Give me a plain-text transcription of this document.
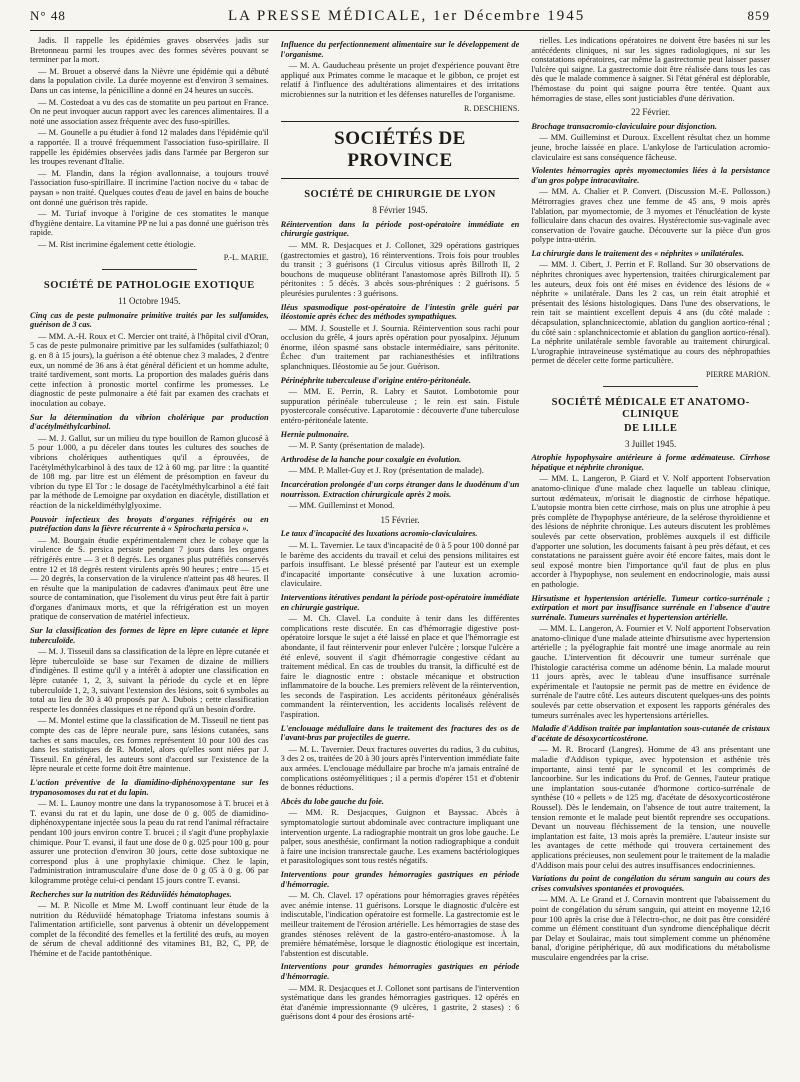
N° 48	LA PRESSE MÉDICALE, 1er Décembre 1945	859

Jadis. Il rappelle les épidémies graves observées jadis sur Bretonneau parmi les troupes avec des formes sévères pouvant se terminer par la mort.

— M. Brouet a observé dans la Nièvre une épidémie qui a débuté dans la population civile. La durée moyenne est d'environ 3 semaines. Dans un cas intense, la pénicilline a donné en 24 heures un succès.

— M. Costedoat a vu des cas de stomatite un peu partout en France. On ne peut invoquer aucun rapport avec les carences alimentaires. Il a noté une association assez fréquente avec des fuso-spirilles.

— M. Gounelle a pu étudier à fond 12 malades dans l'épidémie qu'il a rapportée. Il a trouvé fréquemment l'association fuso-spirillaire. Il rappelle les épidémies observées jadis dans l'armée par Bergeron sur les troupes revenant d'Italie.

— M. Flandin, dans la région avallonnaise, a toujours trouvé l'association fuso-spirillaire. Il incrimine l'action nocive du « tabac de paysan » non traité. Quelques coutes d'eau de javel en bains de bouche ont donné une guérison très rapide.

— M. Turiaf invoque à l'origine de ces stomatites le manque d'hygiène dentaire. La vitamine PP ne lui a pas donné une guérison très rapide.

— M. Rist incrimine également cette étiologie.

P.-L. MARIE.
SOCIÉTÉ DE PATHOLOGIE EXOTIQUE
11 Octobre 1945.

Cinq cas de peste pulmonaire primitive traités par les sulfamides, guérison de 3 cas.

— MM. A.-H. Roux et C. Mercier ont traité, à l'hôpital civil d'Oran, 5 cas de peste pulmonaire primitive par les sulfamides (sulfathiazol; 0 g. en 8 à 15 jours), la guérison a été obtenue chez 3 malades, 2 d'entre eux, un nommé de 36 ans à état général déficient et un homme adulte, traité tardivement, sont morts. La proportion des malades guéris dans cette infection à pronostic mortel confirme les promesses. Le diagnostic de peste pulmonaire a été fait par examen des crachats et inoculation au cobaye.

Sur la détermination du vibrion cholérique par production d'acétylméthylcarbinol.

— M. J. Gallut, sur un milieu du type bouillon de Ramon glucosé à 5 pour 1.000, a pu déceler dans toutes les cultures des souches de vibrions cholériques authentiques qu'il a éprouvées, de l'acétylméthylcarbinol à des taux de 12 à 60 mg. par litre : la quantité de 108 mg. par litre est un élément de présomption en faveur du vibrion du type El Tor : le dosage de l'acétylméthylcarbinol a été fait par la méthode de Lemoigne par oxydation en diacétyle, distillation et réaction de la nickeldiméthylglyoxime.

Pouvoir infectieux des broyats d'organes réfrigérés ou en putréfaction dans la fièvre récurrente à « Spirochæta persica ».

— M. Bourgain étudie expérimentalement chez le cobaye que la virulence de S. persica persiste pendant 7 jours dans les organes réfrigérés entre — 3 et 8 degrés. Les organes plus putréfiés conservés entre 12 et 18 degrés restent virulents après 90 heures ; entre — 15 et — 20 degrés, la conservation de la virulence n'atteint pas 48 heures. Il en résulte que la manipulation de cadavres d'animaux peut être une source de contamination, que l'isolement du virus peut être fait à partir d'organes d'animaux morts, et que la réfrigération est un moyen pratique de conservation de matériel infectieux.

Sur la classification des formes de lèpre en lèpre cutanée et lèpre tuberculoïde.

— M. J. Tisseuil dans sa classification de la lèpre en lèpre cutanée et lèpre tuberculoïde se base sur l'examen de dizaine de milliers d'indigènes. Il estime qu'il y a intérêt à adopter une classification en lèpre cutanée 1, 2, 3, suivant la période du cycle et en lèpre tuberculoïde 1, 2, 3, suivant l'extension des lésions, soit 6 symboles au total au lieu de 30 à 40 proposés par A. Dubois ; cette classification respecte les données classiques et ne répond qu'à un besoin d'ordre.

— M. Montel estime que la classification de M. Tisseuil ne tient pas compte des cas de lèpre neurale pure, sans lésions cutanées, sans taches et sans macules, ces formes représentent 10 pour 100 des cas dans les statistiques de R. Montel, alors qu'elles sont niées par J. Tisseuil. En général, les auteurs sont d'accord sur l'existence de la lèpre neurale et cette forme doit être maintenue.

L'action préventive de la diamidino-diphénoxypentane sur les trypanosomoses du rat et du lapin.

— M. L. Launoy montre une dans la trypanosomose à T. brucei et à T. evansi du rat et du lapin, une dose de 0 g. 005 de diamidino-diphénoxypentane injectée sous la peau du rat rend l'animal réfractaire pendant 100 jours environ contre T. brucei ; il s'agit d'une prophylaxie chimique. Pour T. evansi, il faut une dose de 0 g. 025 pour 100 g. pour assurer une protection d'environ 30 jours, cette dose subtoxique ne correspond plus à une prophylaxie chimique. Chez le lapin, l'administration intramusculaire d'une dose de 0 g 05 à 0 g. 06 par kilogramme protège celui-ci pendant 15 jours contre T. evansi.

Recherches sur la nutrition des Réduviidés hématophages.

— M. P. Nicolle et Mme M. Lwoff continuant leur étude de la nutrition du Réduviidé hématophage Triatoma infestans soumis à l'alimentation artificielle, sont parvenus à obtenir un développement complet de la fécondité des femelles et la fertilité des œufs, au moyen de sérum de cheval additionné des vitamines B1, B2, C, PP, de l'hémine et de l'acide pantothénique.

Influence du perfectionnement alimentaire sur le développement de l'organisme.

— M. A. Gauducheau présente un projet d'expérience pouvant être appliqué aux Primates comme le macaque et le gibbon, ce projet est relatif à l'influence des adultérations alimentaires et des irritations microbiennes sur la nutrition et les défenses naturelles de l'organisme.

R. DESCHIENS.
SOCIÉTÉS DE PROVINCE
SOCIÉTÉ DE CHIRURGIE DE LYON
8 Février 1945.

Réintervention dans la période post-opératoire immédiate en chirurgie gastrique.

— MM. R. Desjacques et J. Collonet, 329 opérations gastriques (gastrectomies et gastro), 16 réinterventions. Trois fois pour troubles du transit ; 3 guérisons (1 Circulus vitiosus après Billroth II, 2 bouchons de muqueuse oblitérant l'anastomose après Billroth II). 5 péritonites : 5 décès. 3 abcès sous-phréniques : 2 guérisons. 5 pleurésies purulentes : 3 guérisons.

Iléus spasmodique post-opératoire de l'intestin grêle guéri par iléostomie après échec des méthodes sympathiques.

— MM. J. Soustelle et J. Sournia. Réintervention sous rachi pour occlusion du grêle, 4 jours après opération pour pyosalpinx. Jéjunum énorme, iléon spasmé sans obstacle intermédiaire, sans péritonite. Échec d'un traitement par rachianesthésies et infiltrations splanchniques. Iléostomie au 5e jour. Guérison.

Périnéphrite tuberculeuse d'origine entéro-péritonéale.

— MM. E. Perrin, R. Labry et Sautot. Lombotomie pour suppuration périnéale tuberculeuse ; le rein est sain. Fistule pyostercorale consécutive. Laparotomie : découverte d'une tuberculose entéro-péritonéale latente.

Hernie pulmonaire.

— M. P. Santy (présentation de malade).

Arthrodèse de la hanche pour coxalgie en évolution.

— MM. P. Mallet-Guy et J. Roy (présentation de malade).

Incarcération prolongée d'un corps étranger dans le duodénum d'un nourrisson. Extraction chirurgicale après 2 mois.

— MM. Guilleminst et Monod.

15 Février.

Le taux d'incapacité des luxations acromio-claviculaires.

— M. L. Tavernier. Le taux d'incapacité de 0 à 5 pour 100 donné par le barème des accidents du travail et celui des pensions militaires est parfois insuffisant. Le blessé présenté par l'auteur est un exemple d'incapacité importante consécutive à une luxation acromio-claviculaire.

Interventions itératives pendant la période post-opératoire immédiate en chirurgie gastrique.

— M. Ch. Clavel. La conduite à tenir dans les différentes complications reste discutée. En cas d'hémorragie digestive post-opératoire lorsque le sujet a été laissé en place et que l'hémorragie est abondante, il faut réintervenir pour enlever l'ulcère ; lorsque l'ulcère a été enlevé, souvent il s'agit d'hémorragie congestive cédant au traitement médical. En cas de troubles du transit, la difficulté est de faire le diagnostic entre : obstacle mécanique et obstruction inflammatoire de la bouche. Les premiers relèvent de la réintervention, les seconds de l'aspiration. Les accidents péritonéaux généralisés commandent la réintervention, les accidents localisés relèvent de l'aspiration.

L'enclouage médullaire dans le traitement des fractures des os de l'avant-bras par projectiles de guerre.

— M. L. Tavernier. Deux fractures ouvertes du radius, 3 du cubitus, 3 des 2 os, traitées de 20 à 30 jours après l'intervention immédiate faite aux armées. L'enclouage médullaire par broche m'a jamais entraîné de complications ostéomyélitiques ; il a permis d'opérer 151 et d'obtenir de bonnes réductions.

Abcès du lobe gauche du foie.

— MM. R. Desjacques, Guignon et Bayssac. Abcès à symptomatologie surtout abdominale avec contracture impliquant une intervention urgente. La radiographie montrait un gros lobe gauche. Le palper, sous anesthésie, confirmant la notion radiographique a conduit à faire une incision transrectale gauche. Les examens bactériologiques et parasitologiques sont tous restés négatifs.

Interventions pour grandes hémorragies gastriques en période d'hémorragie.

— M. Ch. Clavel. 17 opérations pour hémorragies graves répétées avec anémie intense. 11 guérisons. Lorsque le diagnostic d'ulcère est indiscutable, l'indication opératoire est formelle. La gastrectomie est le meilleur traitement de l'érosion artérielle. Les hémorragies de stase des grandes sténoses relèvent de la gastro-entéro-anastomose. À la première hématémèse, lorsque le diagnostic étiologique est incertain, l'abstention est discutable.

Interventions pour grandes hémorragies gastriques en période d'hémorragie.

— MM. R. Desjacques et J. Collonet sont partisans de l'intervention systématique dans les grandes hémorragies gastriques. 12 opérés en état d'anémie impressionnante (9 ulcères, 1 gastrite, 2 stases) : 6 guérisons dont 4 pour des érosions arté-

rielles. Les indications opératoires ne doivent être basées ni sur les antécédents cliniques, ni sur les signes radiologiques, ni sur les constatations opératoires, car même la gastrectomie peut laisser passer l'ulcère qui saigne. La gastrectomie doit être réalisée dans tous les cas dès que le malade commence à saigner. Si l'état général est déplorable, l'hémostase du point qui saigne pourra être tentée. Quant aux hémorragies de stase, elles sont justiciables d'une dérivation.

22 Février.

Brochage transacromio-claviculaire pour disjonction.

— MM. Guilleminst et Duroux. Excellent résultat chez un homme jeune, broche laissée en place. L'ankylose de l'articulation acromio-claviculaire est sans conséquence fâcheuse.

Violentes hémorragies après myomectomies liées à la persistance d'un gros polype intracavitaire.

— MM. A. Chalier et P. Convert. (Discussion M.-E. Pollosson.) Métrorragies graves chez une femme de 45 ans, 9 mois après l'ablation, par myomectomie, de 3 myomes et l'énucléation de kyste folliculaire dans chacun des ovaires. Hystérectomie sus-vaginale avec conservation de l'ovaire gauche. Découverte sur la pièce d'un gros polype intra-utérin.

La chirurgie dans le traitement des « néphrites » unilatérales.

— MM. J. Cibert, J. Perrin et F. Rolland. Sur 30 observations de néphrites chroniques avec hypertension, traitées chirurgicalement par les auteurs, deux fois ont été mises en évidence des lésions de « néphrite » unilatérale. Dans les 2 cas, un rein était atrophié et présentait des lésions histologiques. Dans l'une des observations, le rein tait se maintient excellent depuis 4 ans (du côté malade : décapsulation, splanchnicectomie, ablation du ganglion aortico-rénal ; du côté sain : splanchnicectomie et ablation du ganglion aortico-rénal). La néphrite unilatérale semble favorable au traitement chirurgical. L'urographie intraveineuse systématique au cours des néphropathies permet de déceler cette forme particulière.

PIERRE MARION.
SOCIÉTÉ MÉDICALE ET ANATOMO-CLINIQUE
DE LILLE
3 Juillet 1945.

Atrophie hypophysaire antérieure à forme œdémateuse. Cirrhose hépatique et néphrite chronique.

— MM. L. Langeron, P. Giard et V. Nolf apportent l'observation anatomo-clinique d'une malade chez laquelle un tableau clinique, surtout œdémateux, m'orisait le diagnostic de cirrhose hépatique. L'autopsie montra bien cette cirrhose, mais on plus une atrophie à peu près complète de l'hypophyse antérieure, de la selérose thyroïdienne et des lésions de néphrite chronique. Les auteurs discutent les problèmes soulevés par cette observation, problèmes auxquels il est difficile d'apporter une solution, les documents faisant à peu près défaut, et ces constatations ne paraissent guère avoir été encore faites, mais dont le seul exposé montre bien l'importance qu'il faut de plus en plus accorder à l'hypophyse, non seulement en endocrinologie, mais aussi en pathologie.

Hirsutisme et hypertension artérielle. Tumeur cortico-surrénale ; extirpation et mort par insuffisance surrénale en l'absence d'autre surrénale. Tumeurs surrénales et hypertension artérielle.

— MM. L. Langeron, A. Fournier et V. Nolf apportent l'observation anatomo-clinique d'une malade atteinte d'hirsutisme avec hypertension artérielle ; la pyélographie fait montré une image anormale au rein gauche. L'intervention fit découvrir une tumeur surrénale que l'histologie caractérisa comme un adénome bénin. La malade mourut 11 jours après, avec le tableau d'une insuffisance surrénale expérimentale et l'autopsie ne permit pas de mettre en évidence de surrénale de l'autre côté. Les auteurs discutent quelques-uns des points soulevés par cette observation et exposent les rapports générales des tumeurs surrénales avec les hypertensions artérielles.

Maladie d'Addison traitée par implantation sous-cutanée de cristaux d'acétate de désoxycorticostérone.

— M. R. Brocard (Langres). Homme de 43 ans présentant une maladie d'Addison typique, avec hypotension et asthénie très importante, ainsi tenté par le syncomil et les comprimés de lancoorbine. Sur les indications du Prof. de Gennes, l'auteur pratique une implantation sous-cutanée d'hormone cortico-surrénale de synthèse (10 « pellets » de 125 mg. d'acétate de désoxycorticostérone Roussel). Dès le lendemain, on l'absence de tout autre traitement, la tension remonte et le malade peut bientôt reprendre ses occupations. Devant un nouveau fléchissement de la tension, une nouvelle implantation est faite, 13 mois après la première. L'auteur insiste sur les avantages de cette méthode qui trouvera certainement des applications précieuses, non seulement pour le traitement de la maladie d'Addison mais pour celui des autres insuffisances endocriniennes.

Variations du point de congélation du sérum sanguin au cours des crises convulsives spontanées et provoquées.

— MM. A. Le Grand et J. Cornavin montrent que l'abaissement du point de congélation du sérum sanguin, qui atteint en moyenne 12,16 pour 100 après la crise due à l'électro-choc, ne doit pas être considéré comme un élément constituant d'un syndrome diencéphalique décrit par Delay et Soulairac, mais tout simplement comme un phénomène banal, d'origine périphérique, dû aux modifications du métabolisme musculaire engendrées par la crise.
